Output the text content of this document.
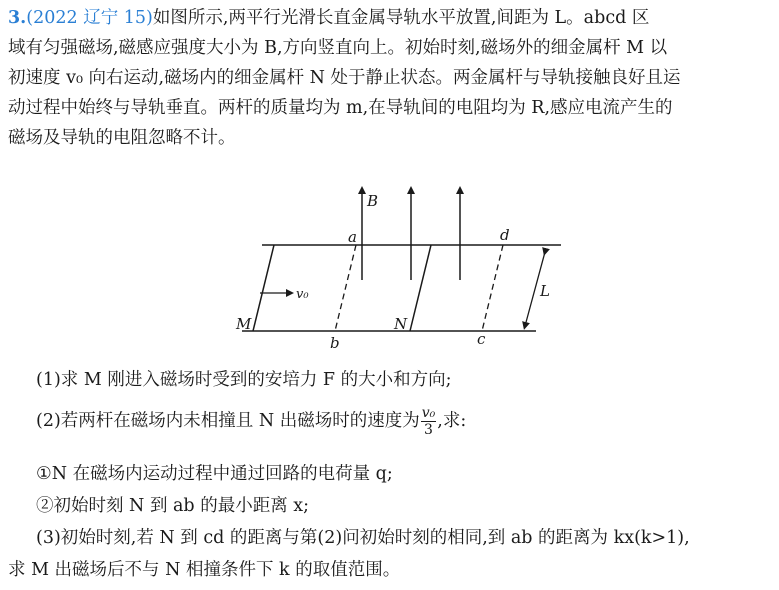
3.(2022 辽宁 15)如图所示,两平行光滑长直金属导轨水平放置,间距为 L。abcd 区
域有匀强磁场,磁感应强度大小为 B,方向竖直向上。初始时刻,磁场外的细金属杆 M 以
初速度 v₀ 向右运动,磁场内的细金属杆 N 处于静止状态。两金属杆与导轨接触良好且运
动过程中始终与导轨垂直。两杆的质量均为 m,在导轨间的电阻均为 R,感应电流产生的
磁场及导轨的电阻忽略不计。
B
a	d
L
v₀
M	N
b	c
(1)求 M 刚进入磁场时受到的安培力 F 的大小和方向;
(2)若两杆在磁场内未相撞且 N 出磁场时的速度为 $\frac{\text{v₀}}{3}$ ,求:
①N 在磁场内运动过程中通过回路的电荷量 q;
②初始时刻 N 到 ab 的最小距离 x;
(3)初始时刻,若 N 到 cd 的距离与第(2)问初始时刻的相同,到 ab 的距离为 kx(k>1),
求 M 出磁场后不与 N 相撞条件下 k 的取值范围。
